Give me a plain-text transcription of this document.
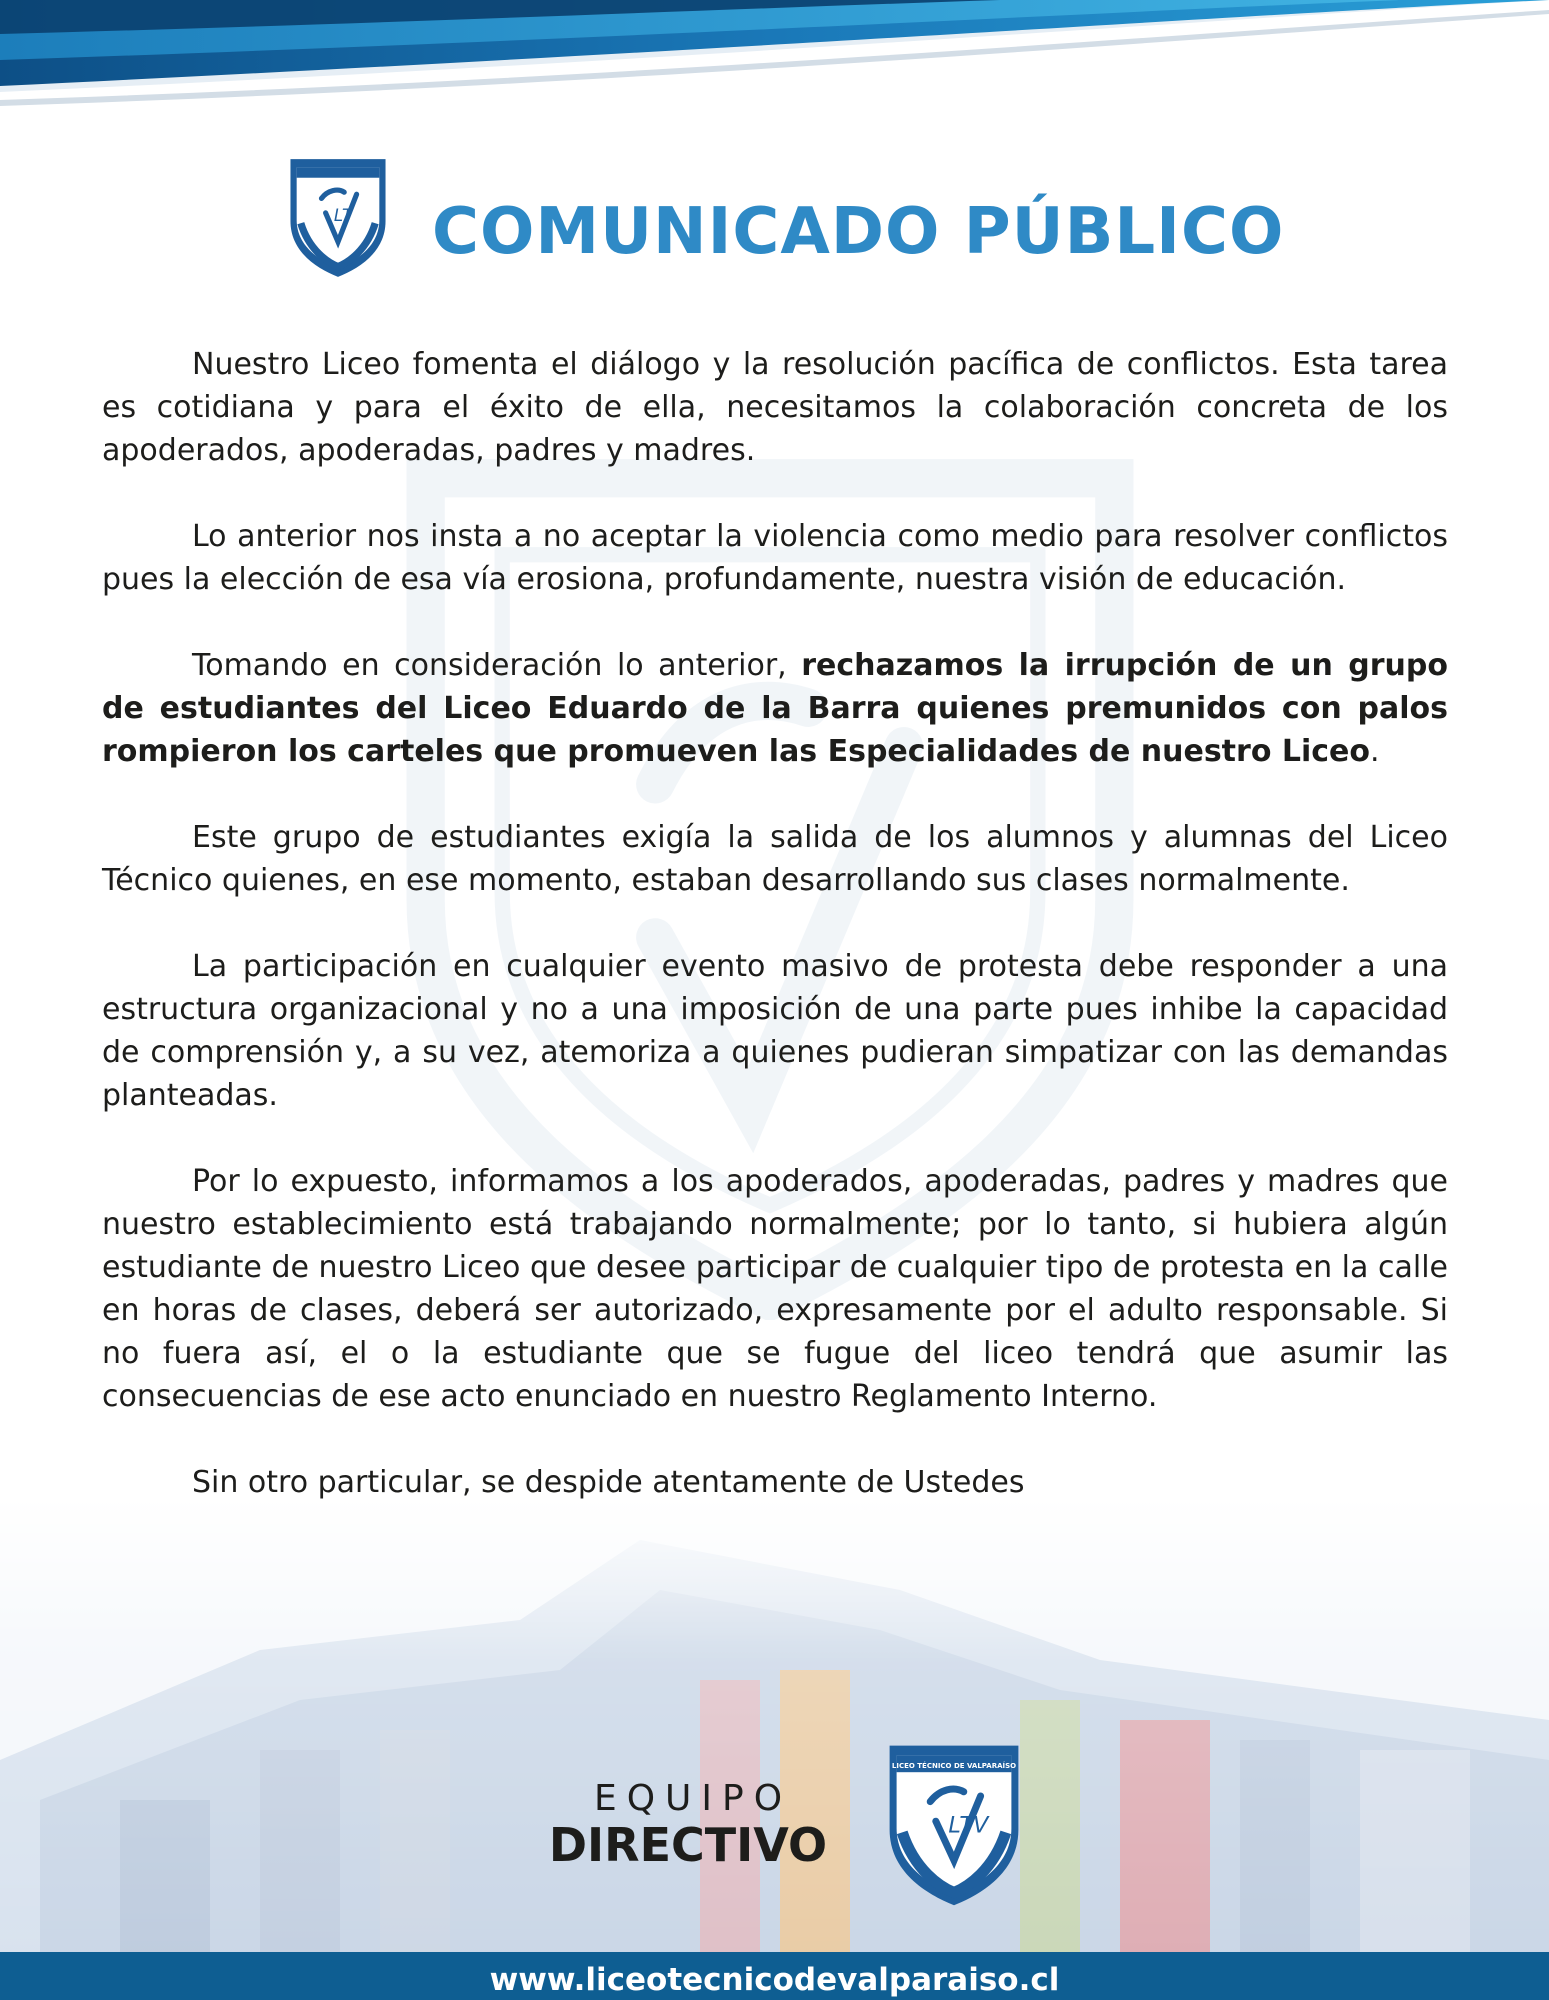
LT COMUNICADO PÚBLICO

Nuestro Liceo fomenta el diálogo y la resolución pacífica de conflictos. Esta tarea es cotidiana y para el éxito de ella, necesitamos la colaboración concreta de los apoderados, apoderadas, padres y madres.

Lo anterior nos insta a no aceptar la violencia como medio para resolver conflictos pues la elección de esa vía erosiona, profundamente, nuestra visión de educación.

Tomando en consideración lo anterior, rechazamos la irrupción de un grupo de estudiantes del Liceo Eduardo de la Barra quienes premunidos con palos rompieron los carteles que promueven las Especialidades de nuestro Liceo.

Este grupo de estudiantes exigía la salida de los alumnos y alumnas del Liceo Técnico quienes, en ese momento, estaban desarrollando sus clases normalmente.

La participación en cualquier evento masivo de protesta debe responder a una estructura organizacional y no a una imposición de una parte pues inhibe la capacidad de comprensión y, a su vez, atemoriza a quienes pudieran simpatizar con las demandas planteadas.

Por lo expuesto, informamos a los apoderados, apoderadas, padres y madres que nuestro establecimiento está trabajando normalmente; por lo tanto, si hubiera algún estudiante de nuestro Liceo que desee participar de cualquier tipo de protesta en la calle en horas de clases, deberá ser autorizado, expresamente por el adulto responsable. Si no fuera así, el o la estudiante que se fugue del liceo tendrá que asumir las consecuencias de ese acto enunciado en nuestro Reglamento Interno.

Sin otro particular, se despide atentamente de Ustedes

EQUIPO
DIRECTIVO
LICEO TÉCNICO DE VALPARAÍSO
LTV
www.liceotecnicodevalparaiso.cl
